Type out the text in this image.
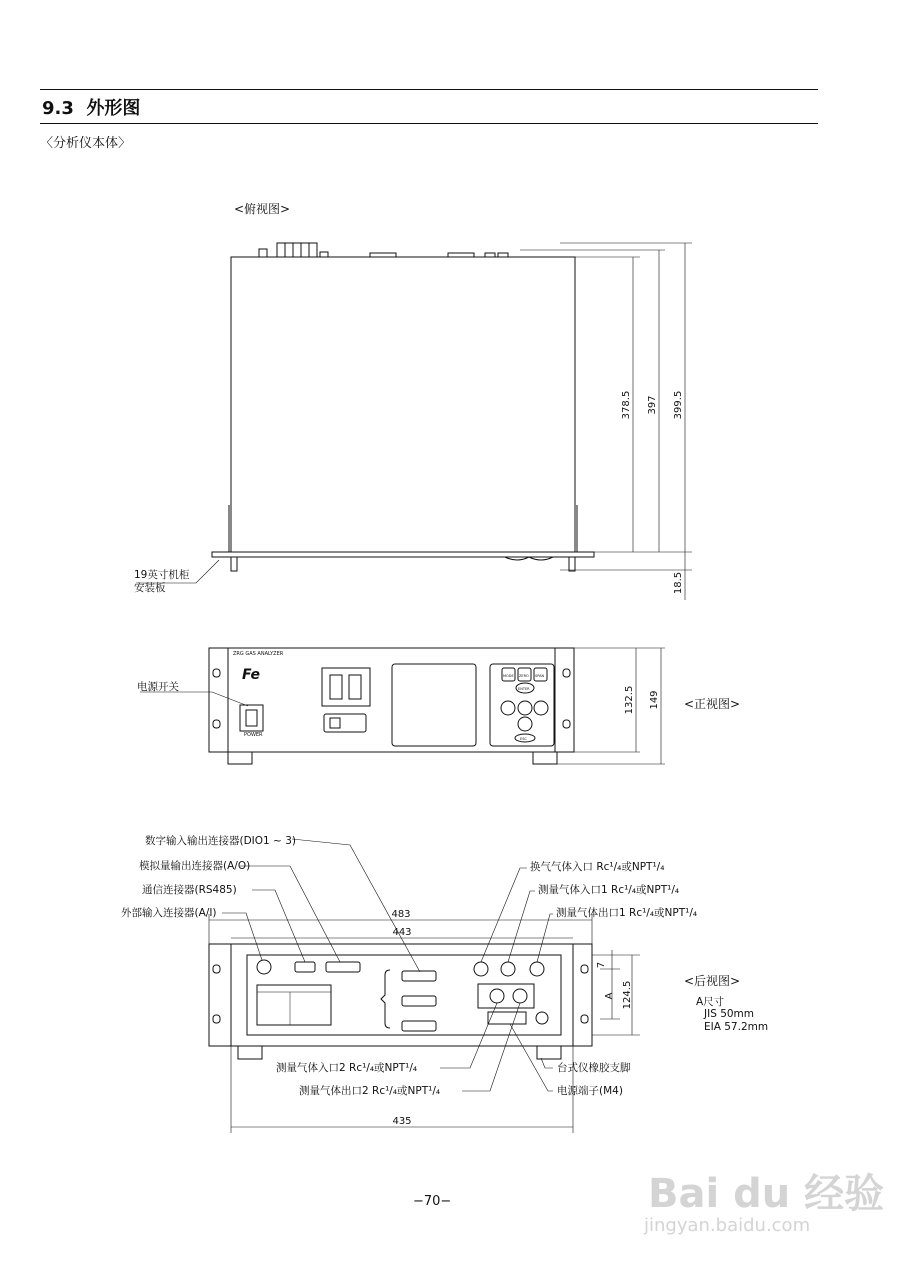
9.3 外形图
〈分析仪本体〉
<俯视图>
378.5 397 399.5
18.5
ZRG GAS ANALYZER
POWER
MODE ZERO SPAN
ENTER
ESC
Fe
132.5 149
483
443
435
124.5
7
A
19英寸机柜
安装板
电源开关
<正视图>
数字输入输出连接器(DIO1 ~ 3)
模拟量输出连接器(A/O)
通信连接器(RS485)
外部输入连接器(A/I)
换气气体入口 Rc¹/₄或NPT¹/₄
测量气体入口1 Rc¹/₄或NPT¹/₄
测量气体出口1 Rc¹/₄或NPT¹/₄
测量气体入口2 Rc¹/₄或NPT¹/₄
测量气体出口2 Rc¹/₄或NPT¹/₄
台式仪橡胶支脚
电源端子(M4)
<后视图>
A尺寸
JIS 50mm
EIA 57.2mm
−70−	Bai du 经验
jingyan.baidu.com
